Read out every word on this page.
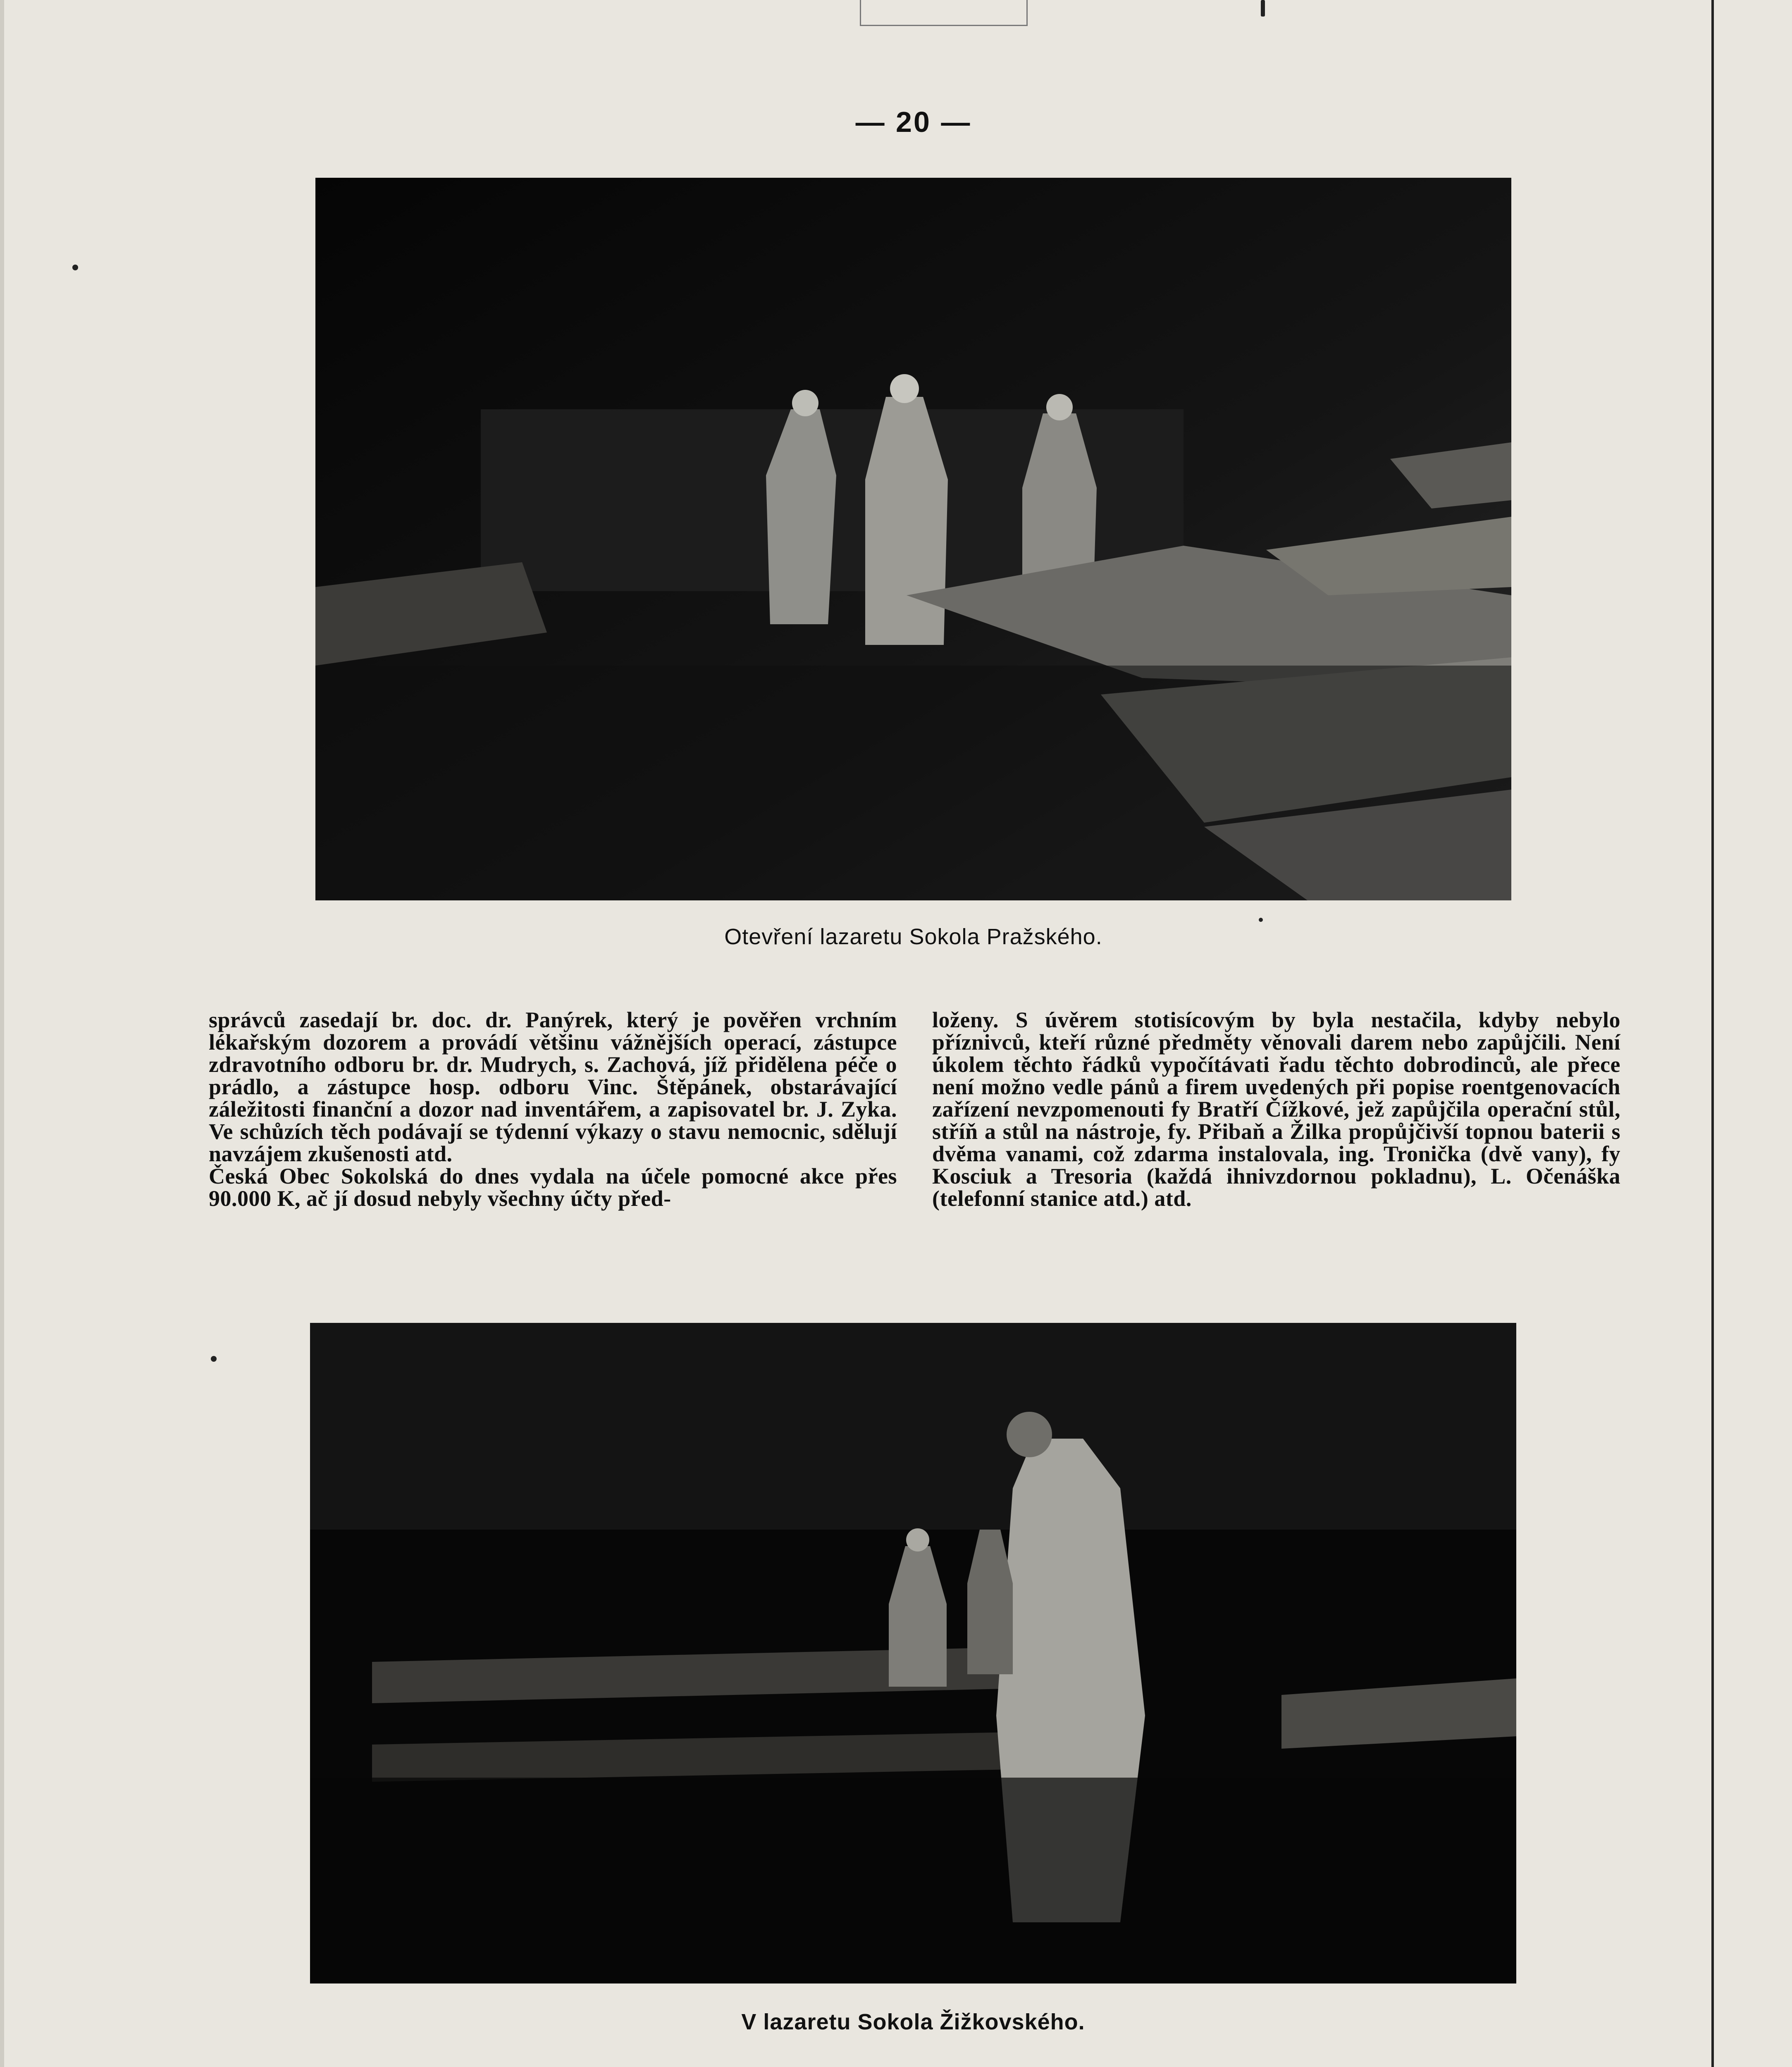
— 20 —
Otevření lazaretu Sokola Pražského.

správců zasedají br. doc. dr. Panýrek, který je pověřen vrchním lékařským dozorem a provádí většinu vážnějších operací, zástupce zdravotního odboru br. dr. Mudrych, s. Zachová, jíž přidělena péče o prádlo, a zástupce hosp. odboru Vinc. Štěpánek, obstarávající záležitosti finanční a dozor nad inventářem, a zapisovatel br. J. Zyka. Ve schůzích těch podávají se týdenní výkazy o stavu nemocnic, sdělují navzájem zkušenosti atd.

Česká Obec Sokolská do dnes vydala na účele pomocné akce přes 90.000 K, ač jí dosud nebyly všechny účty před-

loženy. S úvěrem stotisícovým by byla nestačila, kdyby nebylo příznivců, kteří různé předměty věnovali darem nebo zapůjčili. Není úkolem těchto řádků vypočítávati řadu těchto dobrodinců, ale přece není možno vedle pánů a firem uvedených při popise roentgenovacích zařízení nevzpomenouti fy Bratří Čížkové, jež zapůjčila operační stůl, stříň a stůl na nástroje, fy. Přibaň a Žilka propůjčivší topnou baterii s dvěma vanami, což zdarma instalovala, ing. Tronička (dvě vany), fy Kosciuk a Tresoria (každá ihnivzdornou pokladnu), L. Očenáška (telefonní stanice atd.) atd.

V lazaretu Sokola Žižkovského.
